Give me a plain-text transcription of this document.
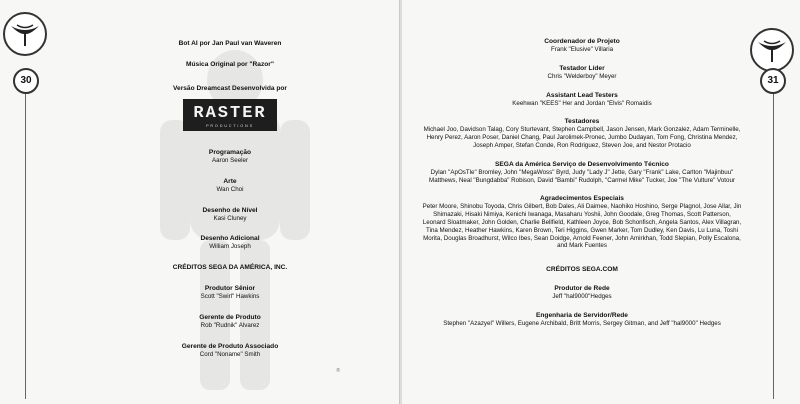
30
Bot AI por Jan Paul van Waveren
Música Original por "Razor"
Versão Dreamcast Desenvolvida por
RASTER
PRODUCTIONS
Programação
Aaron Seeler
Arte
Wan Choi
Desenho de Nível
Kasi Cluney
Desenho Adicional
William Joseph
CRÉDITOS SEGA DA AMÉRICA, INC.
Produtor Sênior
Scott "Swirl" Hawkins
Gerente de Produto
Rob "Rudnik" Alvarez
Gerente de Produto Associado
Cord "Noname" Smith
®
31
Coordenador de Projeto
Frank "Elusive" Villaria
Testador Líder
Chris "Welderboy" Meyer
Assistant Lead Testers
Keehwan "KEES" Her and Jordan "Elvis" Romaidis
Testadores
Michael Joo, Davidson Talag, Cory Sturtevant, Stephen Campbell, Jason Jensen, Mark Gonzalez, Adam Terminelle, Henry Perez, Aaron Poser, Daniel Chang, Paul Jarolimek-Pronec, Jumbo Dudayan, Tom Fong, Christina Mendez, Joseph Amper, Stefan Conde, Ron Rodriguez, Steven Joe, and Nestor Protacio
SEGA da América Serviço de Desenvolvimento Técnico
Dylan "ApOsTle" Bromley, John "MegaWoss" Byrd, Judy "Lady J" Jette, Gary "Frank" Lake, Carlton "Majinbuu" Matthews, Neal "Bungdabba" Robison, David "Bambi" Rudolph, "Carmel Mike" Tucker, Joe "The Vulture" Votour
Agradecimentos Especiais
Peter Moore, Shinobu Toyoda, Chris Gilbert, Bob Dales, Ali Daimee, Naohiko Hoshino, Serge Plagnol, Jose Allar, Jin Shimazaki, Hisaki Nimiya, Kenichi Iwanaga, Masaharu Yoshii, John Goodale, Greg Thomas, Scott Patterson, Leonard Sloatmaker, John Golden, Charlie Bellfield, Kathleen Joyce, Bob Schonfisch, Angela Santos, Alex Villagran, Tina Mendez, Heather Hawkins, Karen Brown, Teri Higgins, Gwen Marker, Tom Dudley, Ken Davis, Lu Luna, Toshi Morita, Douglas Broadhurst, Wilco Ibes, Sean Doidge, Arnold Feener, John Amirkhan, Todd Slepian, Polly Escalona, and Mark Fuentes
CRÉDITOS SEGA.COM
Produtor de Rede
Jeff "hal9000"Hedges
Engenharia de Servidor/Rede
Stephen "Azazyel" Willers, Eugene Archibald, Britt Morris, Sergey Gitman, and Jeff "hal9000" Hedges
